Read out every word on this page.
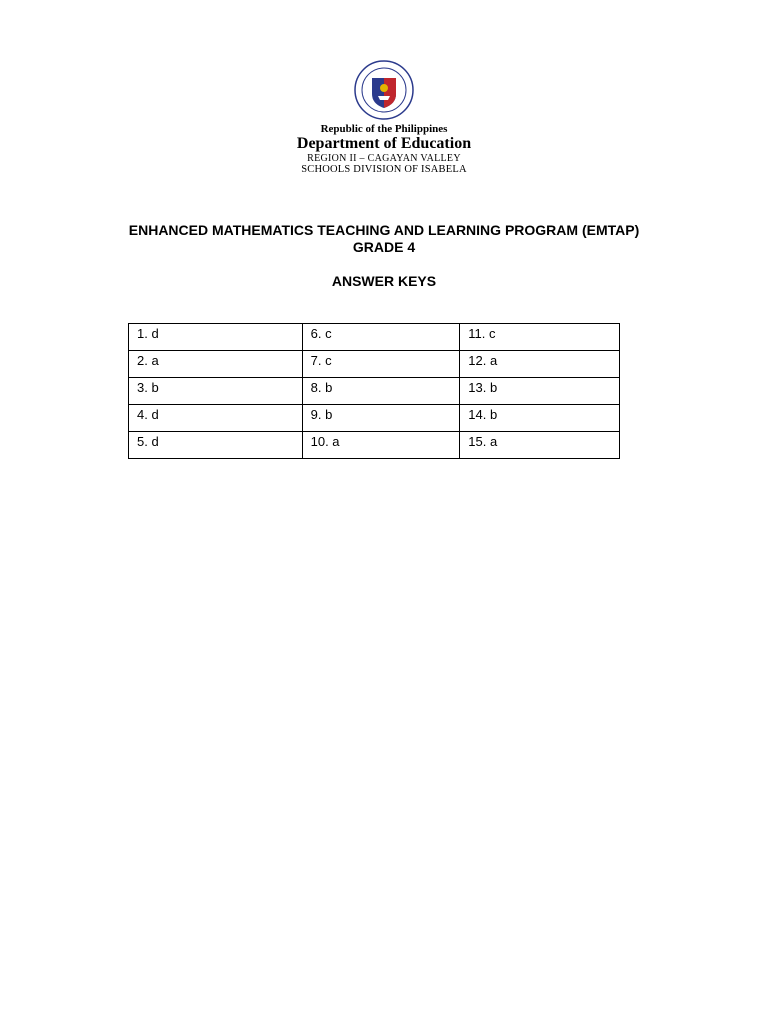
Republic of the Philippines
Department of Education
REGION II – CAGAYAN VALLEY
SCHOOLS DIVISION OF ISABELA
ENHANCED MATHEMATICS TEACHING AND LEARNING PROGRAM (EMTAP)
GRADE 4
ANSWER KEYS
1. d	6. c	11. c
2. a	7. c	12. a
3. b	8. b	13. b
4. d	9. b	14. b
5. d	10. a	15. a
